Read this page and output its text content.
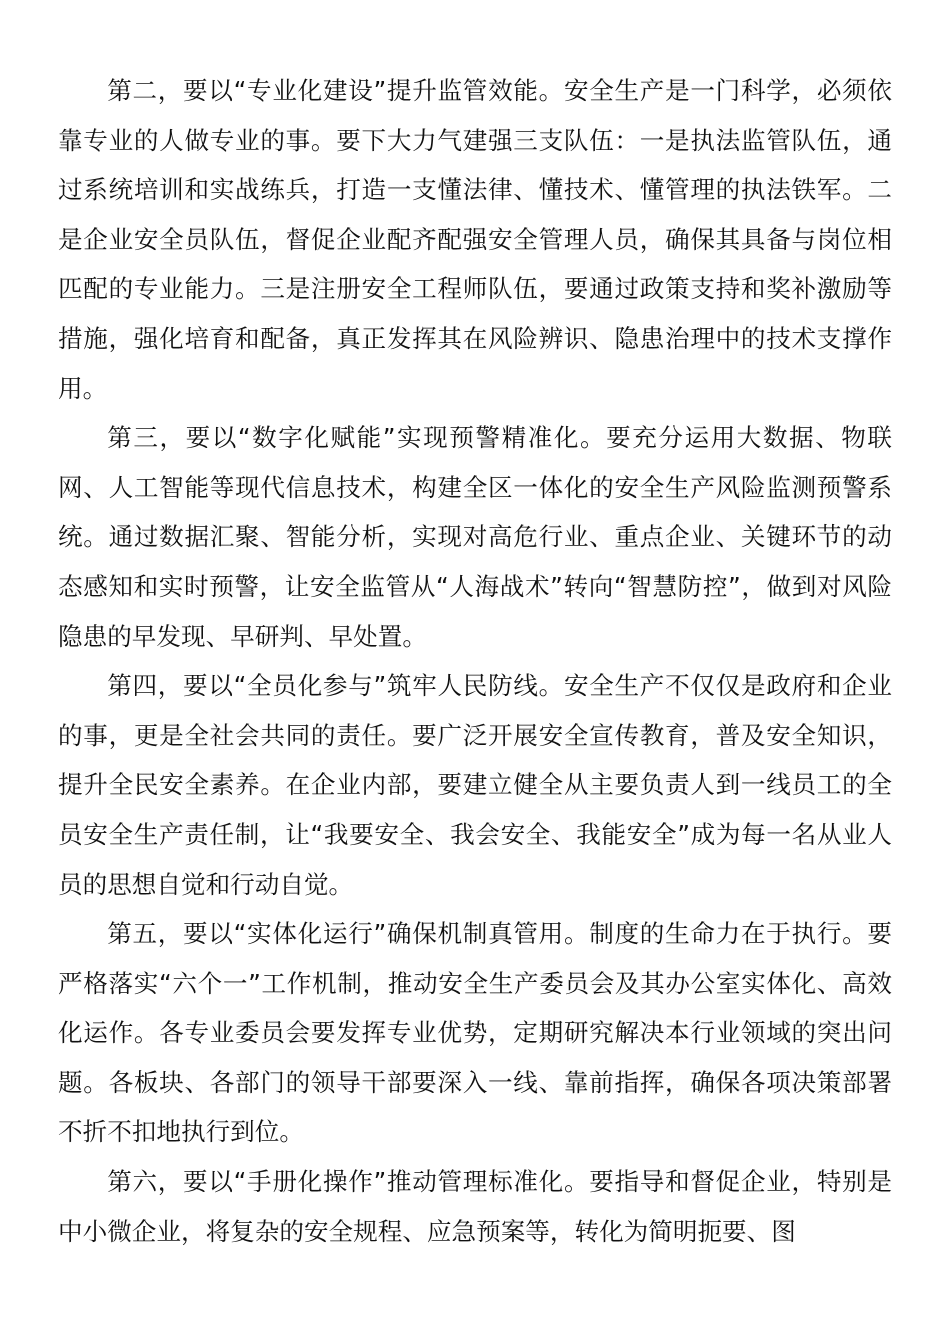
第二，要以“专业化建设”提升监管效能。安全生产是一门科学，必须依靠专业的人做专业的事。要下大力气建强三支队伍：一是执法监管队伍，通过系统培训和实战练兵，打造一支懂法律、懂技术、懂管理的执法铁军。二是企业安全员队伍，督促企业配齐配强安全管理人员，确保其具备与岗位相匹配的专业能力。三是注册安全工程师队伍，要通过政策支持和奖补激励等措施，强化培育和配备，真正发挥其在风险辨识、隐患治理中的技术支撑作用。

第三，要以“数字化赋能”实现预警精准化。要充分运用大数据、物联网、人工智能等现代信息技术，构建全区一体化的安全生产风险监测预警系统。通过数据汇聚、智能分析，实现对高危行业、重点企业、关键环节的动态感知和实时预警，让安全监管从“人海战术”转向“智慧防控”，做到对风险隐患的早发现、早研判、早处置。

第四，要以“全员化参与”筑牢人民防线。安全生产不仅仅是政府和企业的事，更是全社会共同的责任。要广泛开展安全宣传教育，普及安全知识，提升全民安全素养。在企业内部，要建立健全从主要负责人到一线员工的全员安全生产责任制，让“我要安全、我会安全、我能安全”成为每一名从业人员的思想自觉和行动自觉。

第五，要以“实体化运行”确保机制真管用。制度的生命力在于执行。要严格落实“六个一”工作机制，推动安全生产委员会及其办公室实体化、高效化运作。各专业委员会要发挥专业优势，定期研究解决本行业领域的突出问题。各板块、各部门的领导干部要深入一线、靠前指挥，确保各项决策部署不折不扣地执行到位。

第六，要以“手册化操作”推动管理标准化。要指导和督促企业，特别是中小微企业，将复杂的安全规程、应急预案等，转化为简明扼要、图
